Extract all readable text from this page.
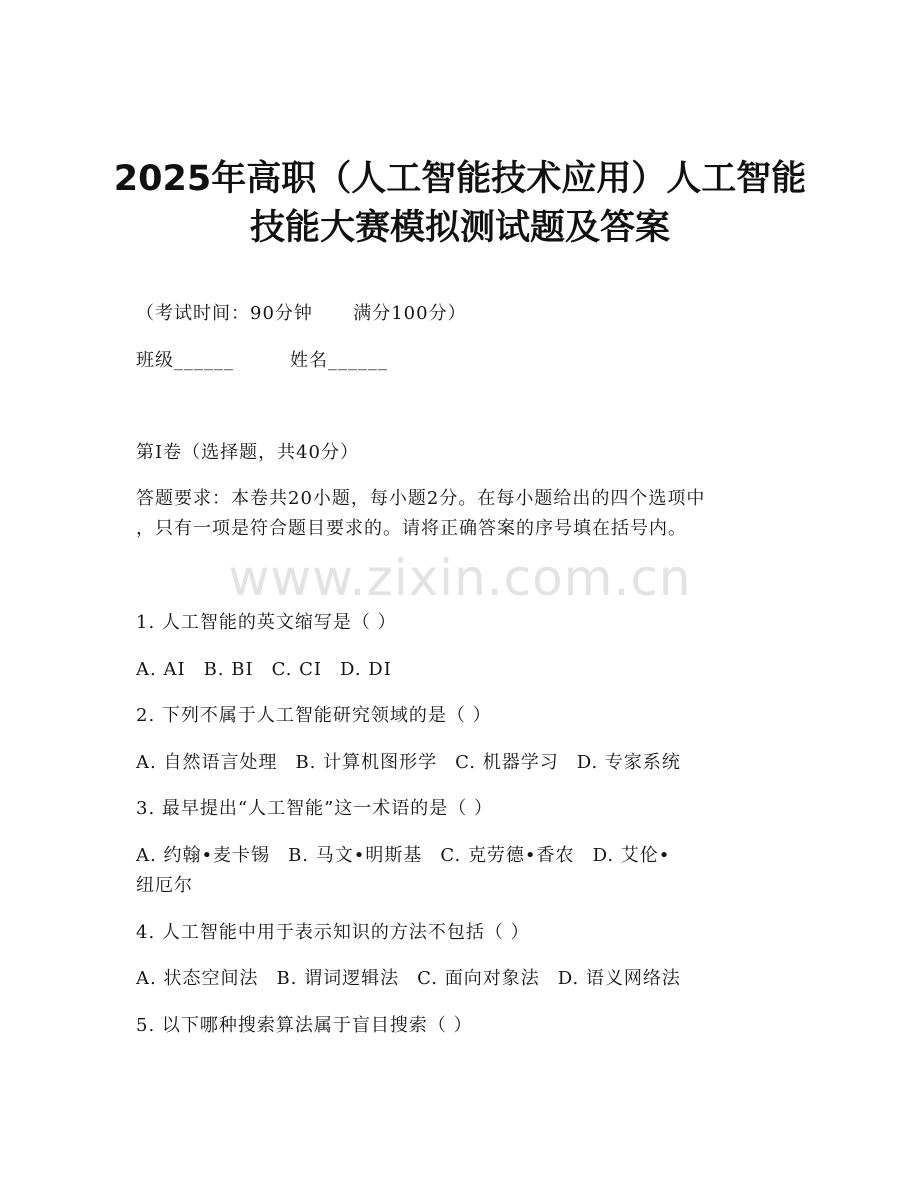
2025年高职（人工智能技术应用）人工智能
技能大赛模拟测试题及答案
（考试时间：90分钟      满分100分）
班级______	姓名______
第I卷（选择题，共40分）
答题要求：本卷共20小题，每小题2分。在每小题给出的四个选项中
，只有一项是符合题目要求的。请将正确答案的序号填在括号内。
www.zixin.com.cn
1. 人工智能的英文缩写是（ ）
A. AI B. BI C. CI D. DI
2. 下列不属于人工智能研究领域的是（ ）
A. 自然语言处理 B. 计算机图形学 C. 机器学习 D. 专家系统
3. 最早提出“人工智能”这一术语的是（ ）
A. 约翰•麦卡锡 B. 马文•明斯基 C. 克劳德•香农 D. 艾伦•
纽厄尔
4. 人工智能中用于表示知识的方法不包括（ ）
A. 状态空间法 B. 谓词逻辑法 C. 面向对象法 D. 语义网络法
5. 以下哪种搜索算法属于盲目搜索（ ）
